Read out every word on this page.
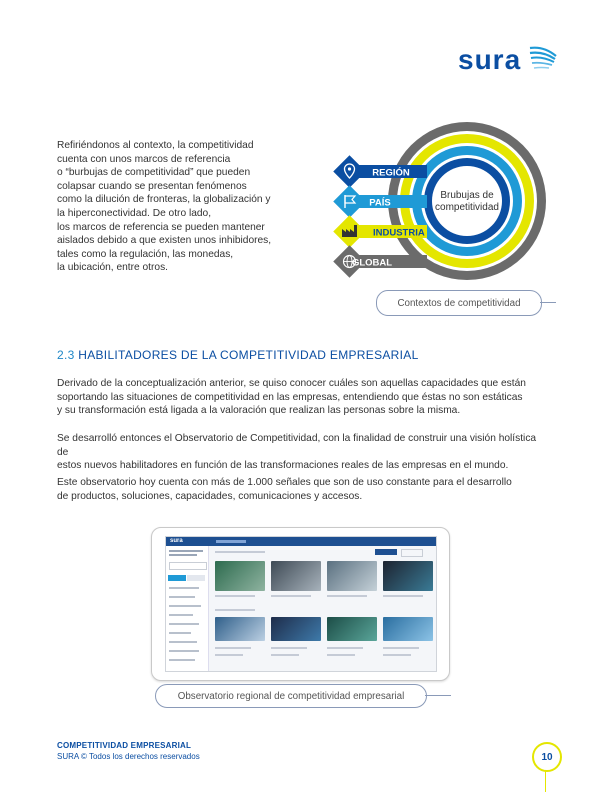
sura

Refiriéndonos al contexto, la competitividad

cuenta con unos marcos de referencia

o “burbujas de competitividad” que pueden

colapsar cuando se presentan fenómenos

como la dilución de fronteras, la globalización y

la hiperconectividad. De otro lado,

los marcos de referencia se pueden mantener

aislados debido a que existen unos inhibidores,

tales como la regulación, las monedas,

la ubicación, entre otros.

REGIÓN
PAÍS
INDUSTRIA
GLOBAL
Brubujas de
competitividad
Contextos de competitividad
2.3 HABILITADORES DE LA COMPETITIVIDAD EMPRESARIAL
Derivado de la conceptualización anterior, se quiso conocer cuáles son aquellas capacidades que están
soportando las situaciones de competitividad en las empresas, entendiendo que éstas no son estáticas
y su transformación está ligada a la valoración que realizan las personas sobre la misma.
Se desarrolló entonces el Observatorio de Competitividad, con la finalidad de construir una visión holística de
estos nuevos habilitadores en función de las transformaciones reales de las empresas en el mundo.
Este observatorio hoy cuenta con más de 1.000 señales que son de uso constante para el desarrollo
de productos, soluciones, capacidades, comunicaciones y accesos.
sura
Observatorio regional de competitividad empresarial
COMPETITIVIDAD EMPRESARIAL
SURA © Todos los derechos reservados	10
